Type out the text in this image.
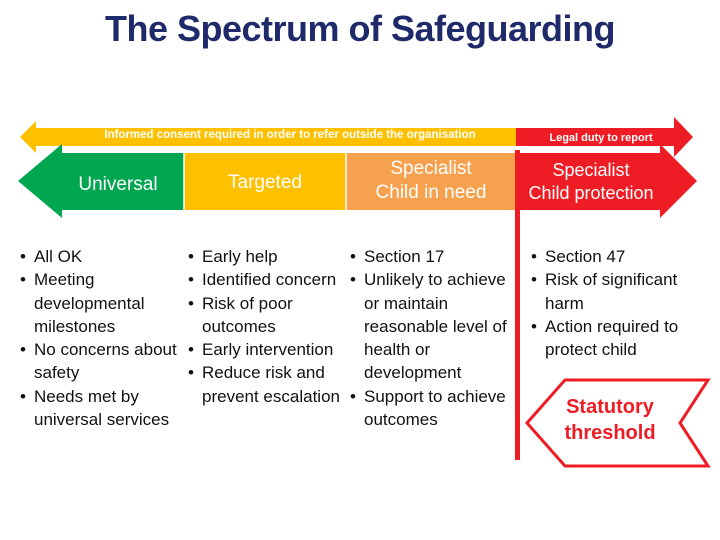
The Spectrum of Safeguarding
Informed consent required in order to refer outside the organisation	Legal duty to report
Universal	Targeted
Specialist
Child in need
Specialist
Child protection
• All OK
• Meeting developmental milestones
• No concerns about safety
• Needs met by universal services
• Early help
• Identified concern
• Risk of poor outcomes
• Early intervention
• Reduce risk and prevent escalation
• Section 17
• Unlikely to achieve or maintain reasonable level of health or development
• Support to achieve outcomes
• Section 47
• Risk of significant harm
• Action required to protect child
Statutory
threshold
